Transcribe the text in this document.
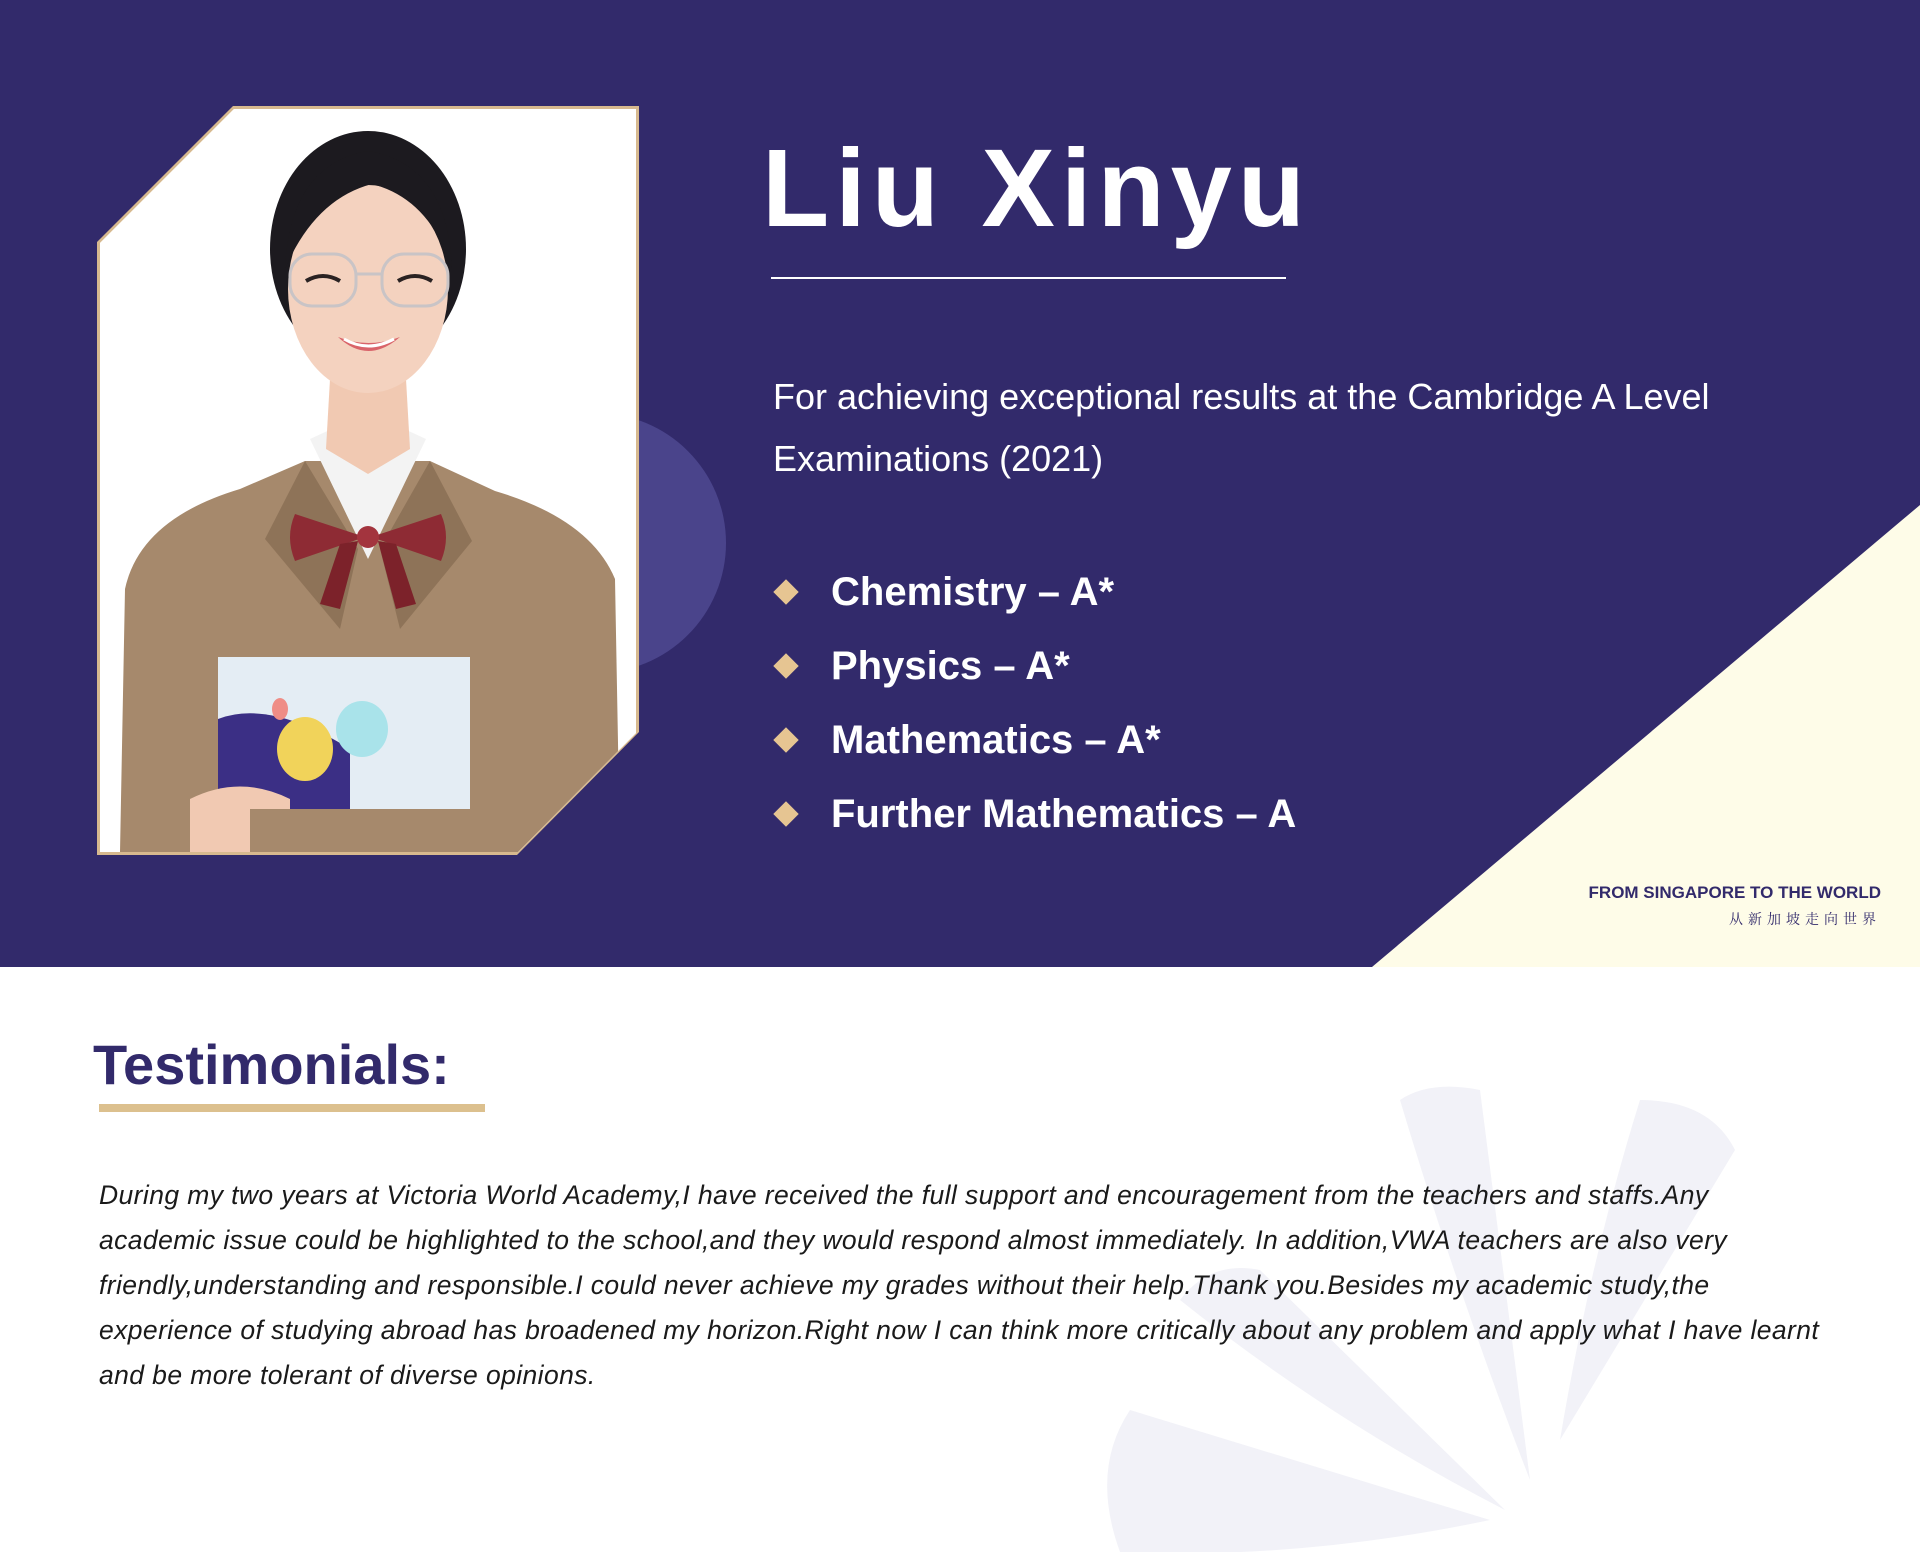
Liu Xinyu
For achieving exceptional results at the Cambridge A Level Examinations (2021)
Chemistry – A*
Physics – A*
Mathematics – A*
Further Mathematics – A
FROM SINGAPORE TO THE WORLD
从新加坡走向世界
Testimonials:
During my two years at Victoria World Academy,I have received the full support and encouragement from the teachers and staffs.Any academic issue could be highlighted to the school,and they would respond almost immediately. In addition,VWA teachers are also very friendly,understanding and responsible.I could never achieve my grades without their help.Thank you.Besides my academic study,the experience of studying abroad has broadened my horizon.Right now I can think more critically about any problem and apply what I have learnt and be more tolerant of diverse opinions.
